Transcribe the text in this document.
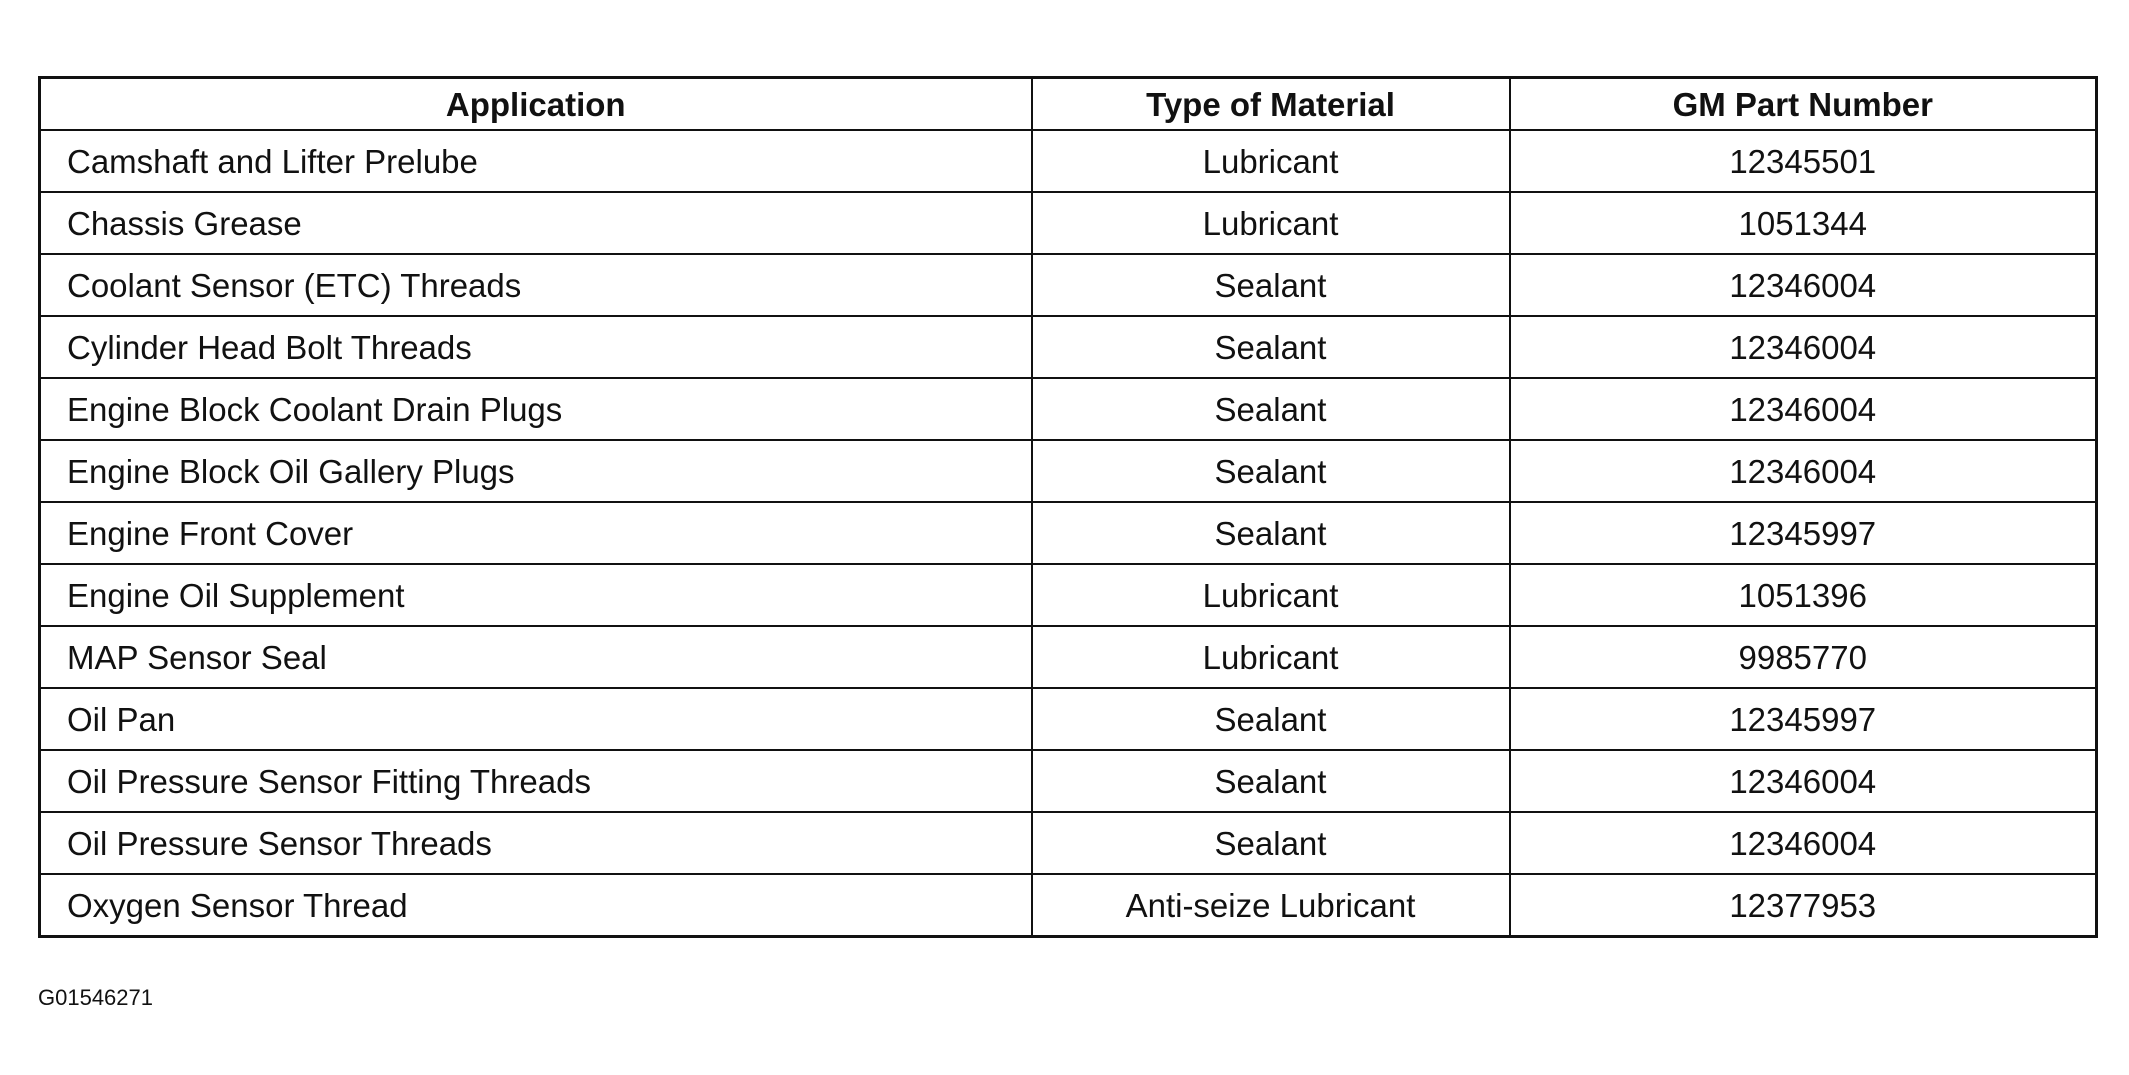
Application	Type of Material	GM Part Number
Camshaft and Lifter Prelube	Lubricant	12345501
Chassis Grease	Lubricant	1051344
Coolant Sensor (ETC) Threads	Sealant	12346004
Cylinder Head Bolt Threads	Sealant	12346004
Engine Block Coolant Drain Plugs	Sealant	12346004
Engine Block Oil Gallery Plugs	Sealant	12346004
Engine Front Cover	Sealant	12345997
Engine Oil Supplement	Lubricant	1051396
MAP Sensor Seal	Lubricant	9985770
Oil Pan	Sealant	12345997
Oil Pressure Sensor Fitting Threads	Sealant	12346004
Oil Pressure Sensor Threads	Sealant	12346004
Oxygen Sensor Thread	Anti-seize Lubricant	12377953
G01546271
